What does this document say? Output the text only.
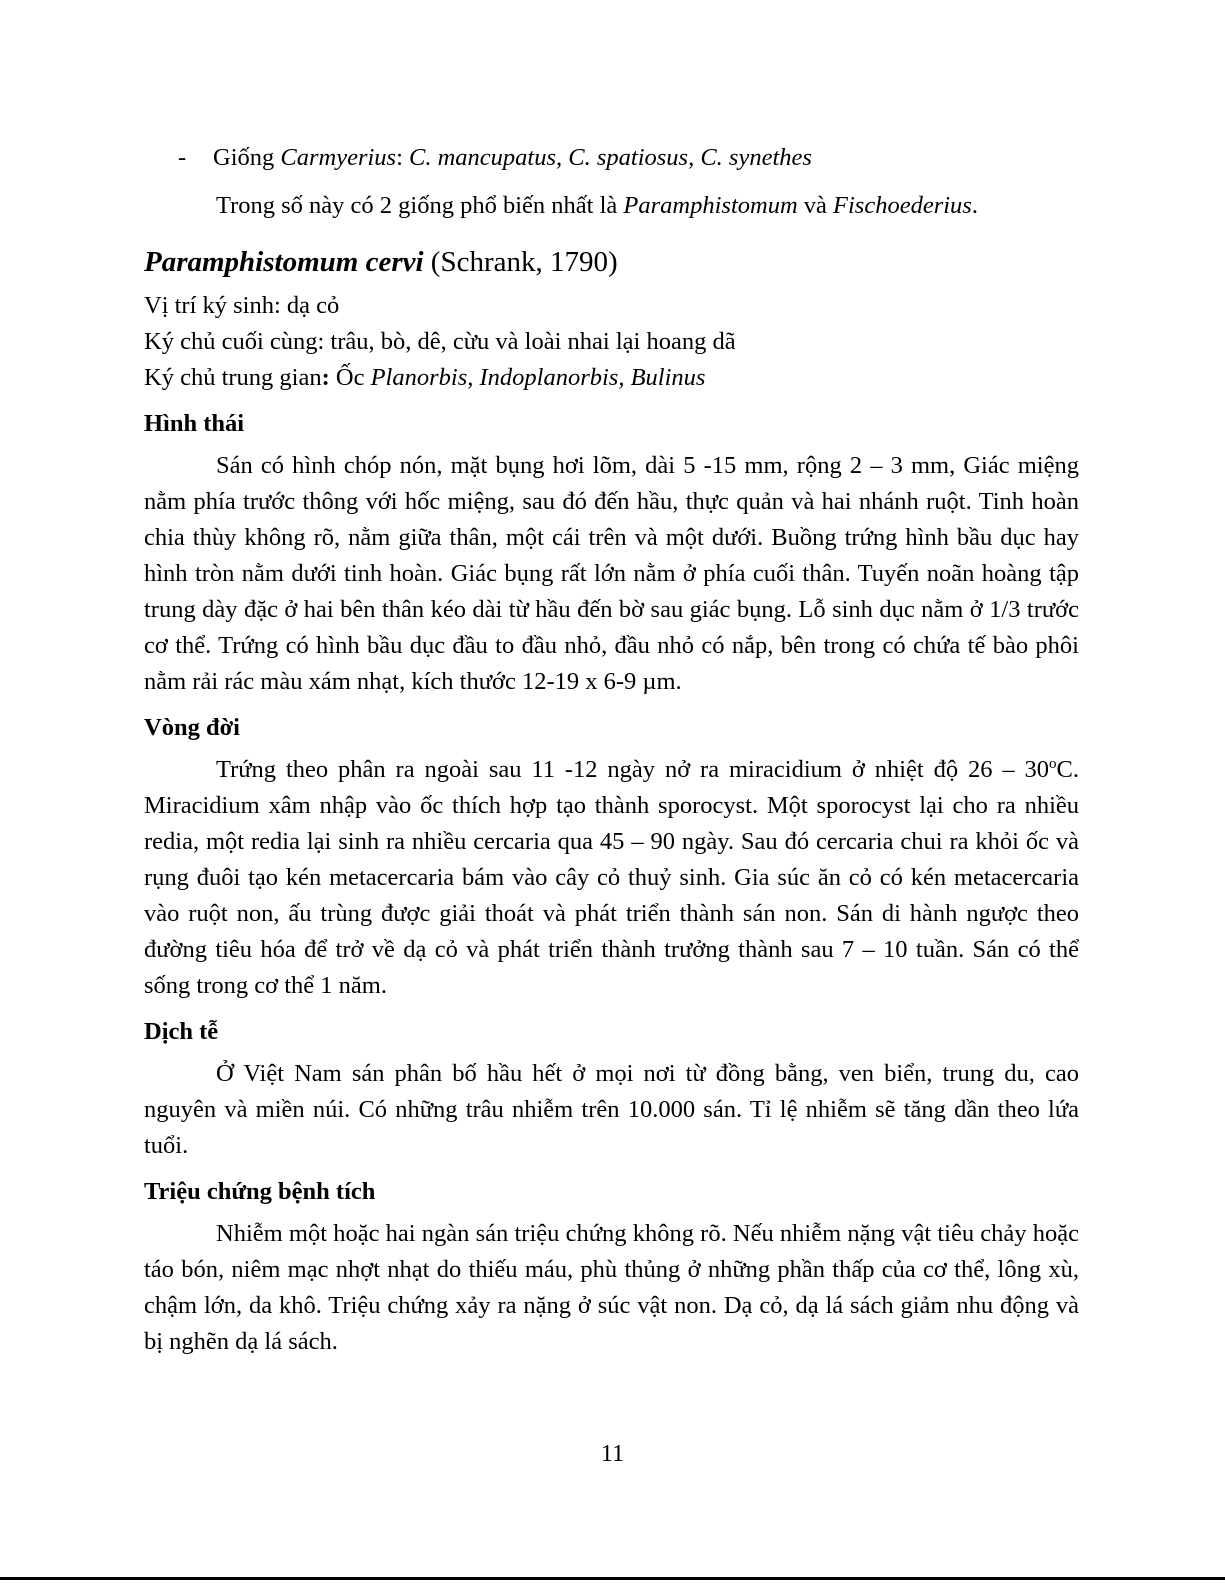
- Giống Carmyerius: C. mancupatus, C. spatiosus, C. synethes

Trong số này có 2 giống phổ biến nhất là Paramphistomum và Fischoederius.

Paramphistomum cervi (Schrank, 1790)

Vị trí ký sinh: dạ cỏ

Ký chủ cuối cùng: trâu, bò, dê, cừu và loài nhai lại hoang dã

Ký chủ trung gian: Ốc Planorbis, Indoplanorbis, Bulinus

Hình thái

Sán có hình chóp nón, mặt bụng hơi lõm, dài 5 -15 mm, rộng 2 – 3 mm, Giác miệng nằm phía trước thông với hốc miệng, sau đó đến hầu, thực quản và hai nhánh ruột. Tinh hoàn chia thùy không rõ, nằm giữa thân, một cái trên và một dưới. Buồng trứng hình bầu dục hay hình tròn nằm dưới tinh hoàn. Giác bụng rất lớn nằm ở phía cuối thân. Tuyến noãn hoàng tập trung dày đặc ở hai bên thân kéo dài từ hầu đến bờ sau giác bụng. Lỗ sinh dục nằm ở 1/3 trước cơ thể. Trứng có hình bầu dục đầu to đầu nhỏ, đầu nhỏ có nắp, bên trong có chứa tế bào phôi nằm rải rác màu xám nhạt, kích thước 12-19 x 6-9 µm.

Vòng đời

Trứng theo phân ra ngoài sau 11 -12 ngày nở ra miracidium ở nhiệt độ 26 – 30$^o$C. Miracidium xâm nhập vào ốc thích hợp tạo thành sporocyst. Một sporocyst lại cho ra nhiều redia, một redia lại sinh ra nhiều cercaria qua 45 – 90 ngày. Sau đó cercaria chui ra khỏi ốc và rụng đuôi tạo kén metacercaria bám vào cây cỏ thuỷ sinh. Gia súc ăn cỏ có kén metacercaria vào ruột non, ấu trùng được giải thoát và phát triển thành sán non. Sán di hành ngược theo đường tiêu hóa để trở về dạ cỏ và phát triển thành trưởng thành sau 7 – 10 tuần. Sán có thể sống trong cơ thể 1 năm.

Dịch tễ

Ở Việt Nam sán phân bố hầu hết ở mọi nơi từ đồng bằng, ven biển, trung du, cao nguyên và miền núi. Có những trâu nhiễm trên 10.000 sán. Tỉ lệ nhiễm sẽ tăng dần theo lứa tuổi.

Triệu chứng bệnh tích

Nhiễm một hoặc hai ngàn sán triệu chứng không rõ. Nếu nhiễm nặng vật tiêu chảy hoặc táo bón, niêm mạc nhợt nhạt do thiếu máu, phù thủng ở những phần thấp của cơ thể, lông xù, chậm lớn, da khô. Triệu chứng xảy ra nặng ở súc vật non. Dạ cỏ, dạ lá sách giảm nhu động và bị nghẽn dạ lá sách.

11
